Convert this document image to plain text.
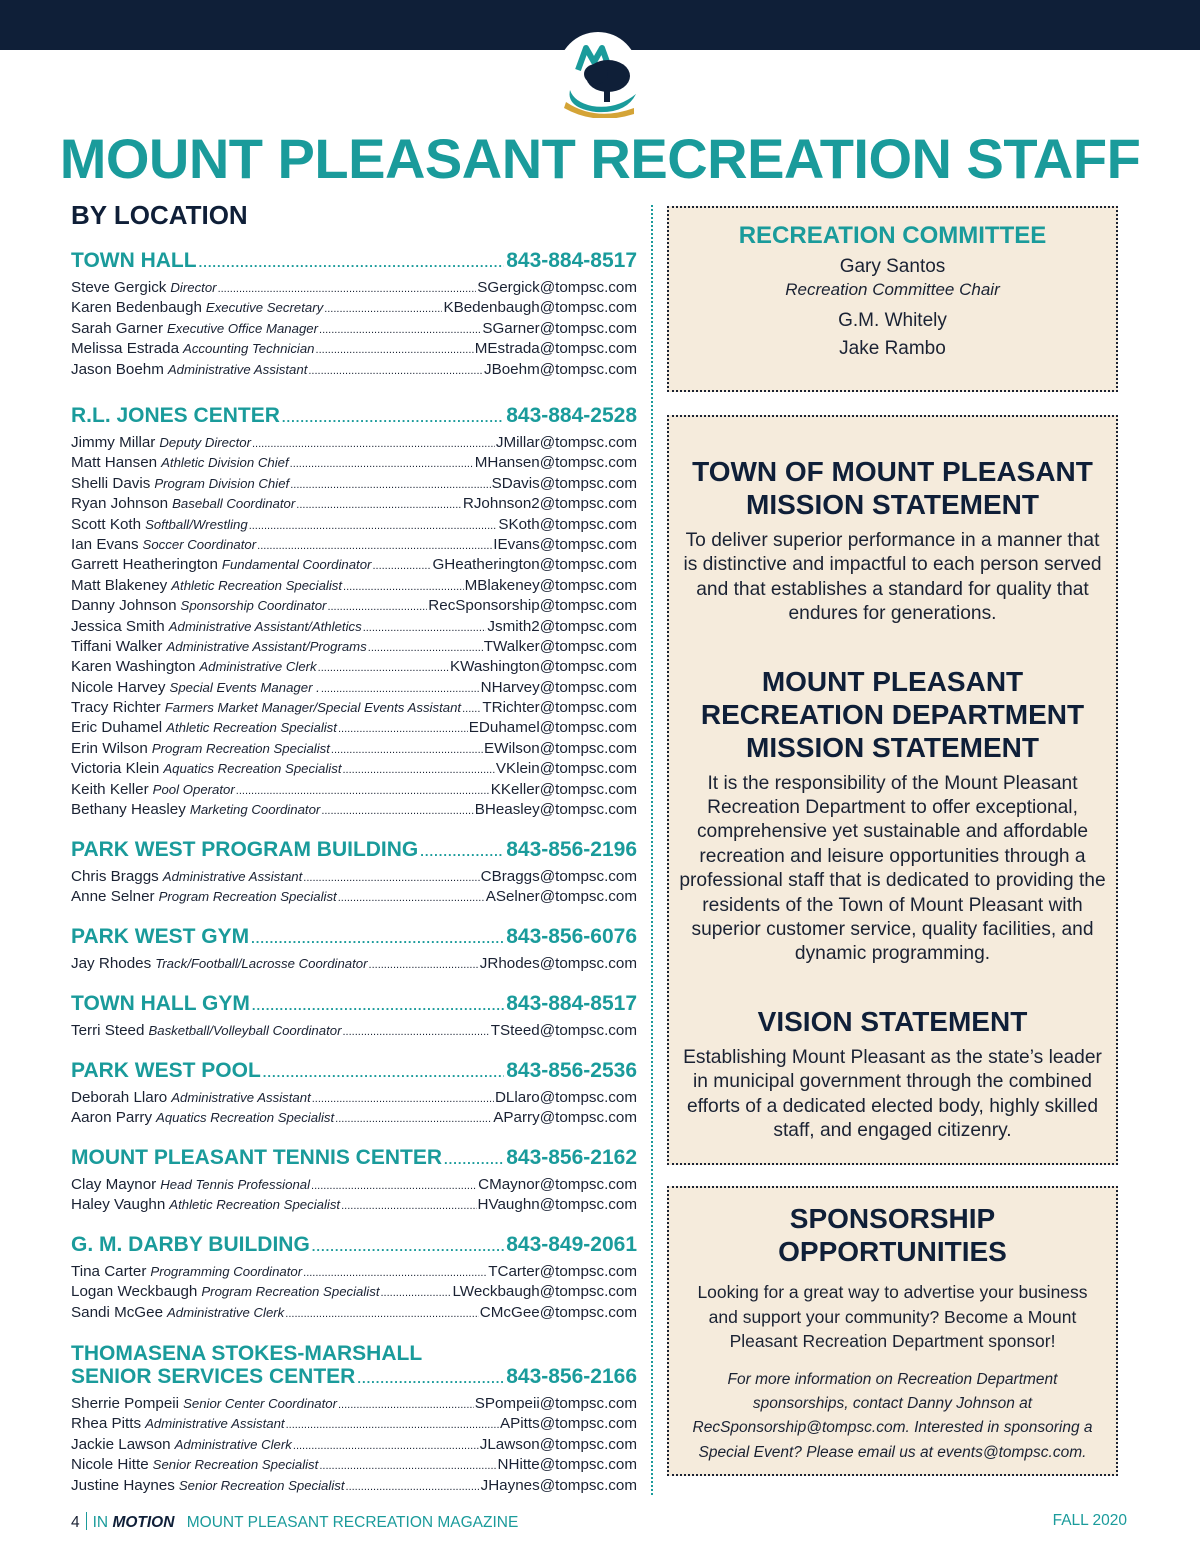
MOUNT PLEASANT RECREATION STAFF
BY LOCATION
TOWN HALL .....	843-884-8517
Steve Gergick Director .....	SGergick@tompsc.com
Karen Bedenbaugh Executive Secretary .....	KBedenbaugh@tompsc.com
Sarah Garner Executive Office Manager .....	SGarner@tompsc.com
Melissa Estrada Accounting Technician .....	MEstrada@tompsc.com
Jason Boehm Administrative Assistant .....	JBoehm@tompsc.com
R.L. JONES CENTER .....	843-884-2528
Jimmy Millar Deputy Director .....	JMillar@tompsc.com
Matt Hansen Athletic Division Chief .....	MHansen@tompsc.com
Shelli Davis Program Division Chief .....	SDavis@tompsc.com
Ryan Johnson Baseball Coordinator .....	RJohnson2@tompsc.com
Scott Koth Softball/Wrestling .....	SKoth@tompsc.com
Ian Evans Soccer Coordinator .....	IEvans@tompsc.com
Garrett Heatherington Fundamental Coordinator .....	GHeatherington@tompsc.com
Matt Blakeney Athletic Recreation Specialist .....	MBlakeney@tompsc.com
Danny Johnson Sponsorship Coordinator .....	RecSponsorship@tompsc.com
Jessica Smith Administrative Assistant/Athletics .....	Jsmith2@tompsc.com
Tiffani Walker Administrative Assistant/Programs .....	TWalker@tompsc.com
Karen Washington Administrative Clerk .....	KWashington@tompsc.com
Nicole Harvey Special Events Manager . .....	NHarvey@tompsc.com
Tracy Richter Farmers Market Manager/Special Events Assistant ..... TRichter@tompsc.com
Eric Duhamel Athletic Recreation Specialist .....	EDuhamel@tompsc.com
Erin Wilson Program Recreation Specialist .....	EWilson@tompsc.com
Victoria Klein Aquatics Recreation Specialist .....	VKlein@tompsc.com
Keith Keller Pool Operator .....	KKeller@tompsc.com
Bethany Heasley Marketing Coordinator .....	BHeasley@tompsc.com
PARK WEST PROGRAM BUILDING .....	843-856-2196
Chris Braggs Administrative Assistant .....	CBraggs@tompsc.com
Anne Selner Program Recreation Specialist .....	ASelner@tompsc.com
PARK WEST GYM .....	843-856-6076
Jay Rhodes Track/Football/Lacrosse Coordinator .....	JRhodes@tompsc.com
TOWN HALL GYM .....	843-884-8517
Terri Steed Basketball/Volleyball Coordinator .....	TSteed@tompsc.com
PARK WEST POOL .....	843-856-2536
Deborah Llaro Administrative Assistant .....	DLlaro@tompsc.com
Aaron Parry Aquatics Recreation Specialist .....	AParry@tompsc.com
MOUNT PLEASANT TENNIS CENTER .....	843-856-2162
Clay Maynor Head Tennis Professional .....	CMaynor@tompsc.com
Haley Vaughn Athletic Recreation Specialist .....	HVaughn@tompsc.com
G. M. DARBY BUILDING .....	843-849-2061
Tina Carter Programming Coordinator .....	TCarter@tompsc.com
Logan Weckbaugh Program Recreation Specialist .....	LWeckbaugh@tompsc.com
Sandi McGee Administrative Clerk .....	CMcGee@tompsc.com
THOMASENA STOKES-MARSHALL
SENIOR SERVICES CENTER .....	843-856-2166
Sherrie Pompeii Senior Center Coordinator .....	SPompeii@tompsc.com
Rhea Pitts Administrative Assistant .....	APitts@tompsc.com
Jackie Lawson Administrative Clerk .....	JLawson@tompsc.com
Nicole Hitte Senior Recreation Specialist .....	NHitte@tompsc.com
Justine Haynes Senior Recreation Specialist .....	JHaynes@tompsc.com
RECREATION COMMITTEE
Gary Santos
Recreation Committee Chair
G.M. Whitely
Jake Rambo
TOWN OF MOUNT PLEASANT
MISSION STATEMENT
To deliver superior performance in a manner that is distinctive and impactful to each person served and that establishes a standard for quality that endures for generations.
MOUNT PLEASANT
RECREATION DEPARTMENT
MISSION STATEMENT
It is the responsibility of the Mount Pleasant Recreation Department to offer exceptional, comprehensive yet sustainable and affordable recreation and leisure opportunities through a professional staff that is dedicated to providing the residents of the Town of Mount Pleasant with superior customer service, quality facilities, and dynamic programming.
VISION STATEMENT
Establishing Mount Pleasant as the state’s leader in municipal government through the combined efforts of a dedicated elected body, highly skilled staff, and engaged citizenry.
SPONSORSHIP
OPPORTUNITIES
Looking for a great way to advertise your business and support your community? Become a Mount Pleasant Recreation Department sponsor!
For more information on Recreation Department sponsorships, contact Danny Johnson at RecSponsorship@tompsc.com. Interested in sponsoring a Special Event? Please email us at events@tompsc.com.
4 IN MOTION MOUNT PLEASANT RECREATION MAGAZINE	FALL 2020
